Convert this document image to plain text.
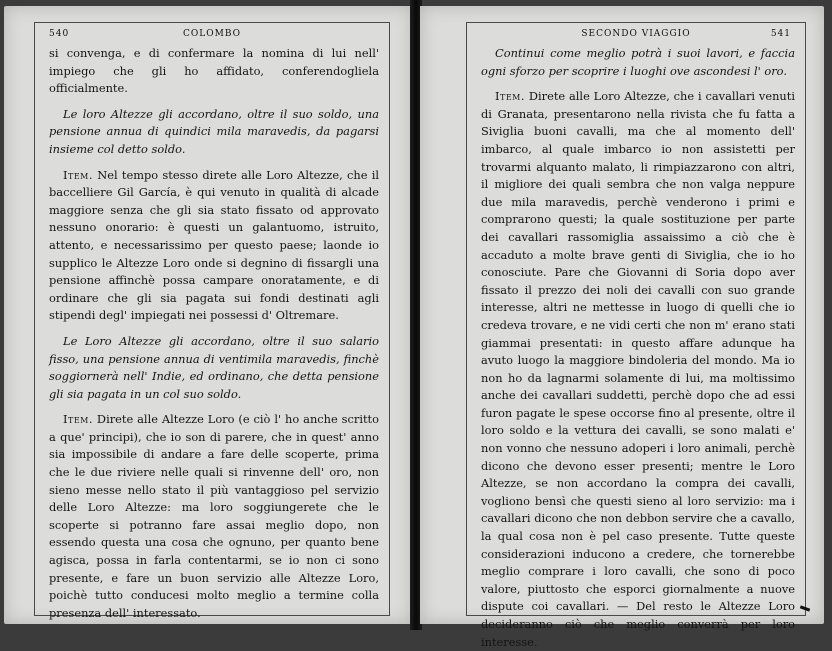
COLOMBO
540

si convenga, e di confermare la nomina di lui nell' impiego che gli ho affidato, conferendogliela officialmente.

Le loro Altezze gli accordano, oltre il suo soldo, una pensione annua di quindici mila maravedis, da pagarsi insieme col detto soldo.

Item. Nel tempo stesso direte alle Loro Altezze, che il baccelliere Gil García, è qui venuto in qualità di alcade maggiore senza che gli sia stato fissato od approvato nessuno onorario: è questi un galantuomo, istruito, attento, e necessarissimo per questo paese; laonde io supplico le Altezze Loro onde si degnino di fissargli una pensione affinchè possa campare onoratamente, e di ordinare che gli sia pagata sui fondi destinati agli stipendi degl' impiegati nei possessi d' Oltremare.

Le Loro Altezze gli accordano, oltre il suo salario fisso, una pensione annua di ventimila maravedis, finchè soggiornerà nell' Indie, ed ordinano, che detta pensione gli sia pagata in un col suo soldo.

Item. Direte alle Altezze Loro (e ciò l' ho anche scritto a que' principi), che io son di parere, che in quest' anno sia impossibile di andare a fare delle scoperte, prima che le due riviere nelle quali si rinvenne dell' oro, non sieno messe nello stato il più vantaggioso pel servizio delle Loro Altezze: ma loro soggiungerete che le scoperte si potranno fare assai meglio dopo, non essendo questa una cosa che ognuno, per quanto bene agisca, possa in farla contentarmi, se io non ci sono presente, e fare un buon servizio alle Altezze Loro, poichè tutto conducesi molto meglio a termine colla presenza dell' interessato.

SECONDO VIAGGIO	541

Continui come meglio potrà i suoi lavori, e faccia ogni sforzo per scoprire i luoghi ove ascondesi l' oro.

Item. Direte alle Loro Altezze, che i cavallari venuti di Granata, presentarono nella rivista che fu fatta a Siviglia buoni cavalli, ma che al momento dell' imbarco, al quale imbarco io non assistetti per trovarmi alquanto malato, li rimpiazzarono con altri, il migliore dei quali sembra che non valga neppure due mila maravedis, perchè venderono i primi e comprarono questi; la quale sostituzione per parte dei cavallari rassomiglia assaissimo a ciò che è accaduto a molte brave genti di Siviglia, che io ho conosciute. Pare che Giovanni di Soria dopo aver fissato il prezzo dei noli dei cavalli con suo grande interesse, altri ne mettesse in luogo di quelli che io credeva trovare, e ne vidi certi che non m' erano stati giammai presentati: in questo affare adunque ha avuto luogo la maggiore bindoleria del mondo. Ma io non ho da lagnarmi solamente di lui, ma moltissimo anche dei cavallari suddetti, perchè dopo che ad essi furon pagate le spese occorse fino al presente, oltre il loro soldo e la vettura dei cavalli, se sono malati e' non vonno che nessuno adoperi i loro animali, perchè dicono che devono esser presenti; mentre le Loro Altezze, se non accordano la compra dei cavalli, vogliono bensì che questi sieno al loro servizio: ma i cavallari dicono che non debbon servire che a cavallo, la qual cosa non è pel caso presente. Tutte queste considerazioni inducono a credere, che tornerebbe meglio comprare i loro cavalli, che sono di poco valore, piuttosto che esporci giornalmente a nuove dispute coi cavallari. — Del resto le Altezze Loro decideranno ciò che meglio converrà per loro interesse.
